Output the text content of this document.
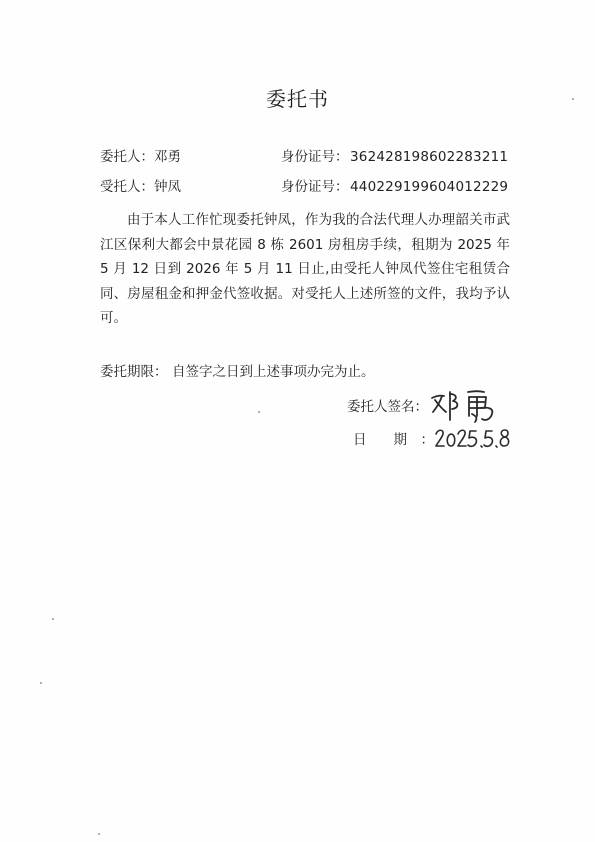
委托书
委托人： 邓勇	身份证号： 362428198602283211
受托人： 钟凤	身份证号： 440229199604012229

由于本人工作忙现委托钟凤，作为我的合法代理人办理韶关市武江区保利大都会中景花园 8 栋 2601 房租房手续，租期为 2025 年 5 月 12 日到 2026 年 5 月 11 日止,由受托人钟凤代签住宅租赁合同、房屋租金和押金代签收据。对受托人上述所签的文件，我均予认可。

委托期限： 自签字之日到上述事项办完为止。
委托人签名：
日　　期　：
